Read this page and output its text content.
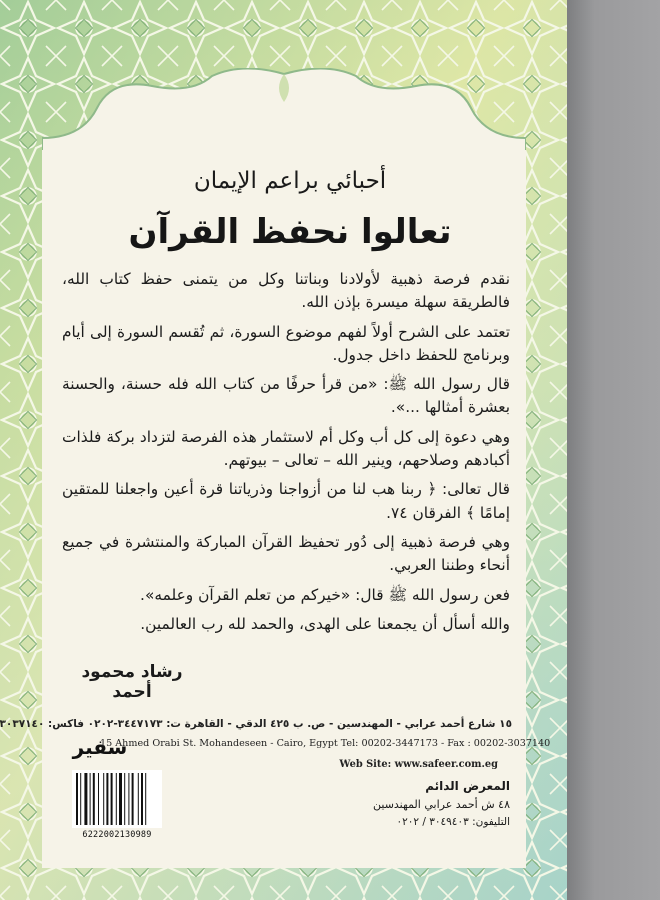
أحبائي براعم الإيمان
تعالوا نحفظ القرآن

نقدم فرصة ذهبية لأولادنا وبناتنا وكل من يتمنى حفظ كتاب الله، فالطريقة سهلة ميسرة بإذن الله.

تعتمد على الشرح أولاً لفهم موضوع السورة، ثم تُقسم السورة إلى أيام وبرنامج للحفظ داخل جدول.

قال رسول الله ﷺ: «من قرأ حرفًا من كتاب الله فله حسنة، والحسنة بعشرة أمثالها ...».

وهي دعوة إلى كل أب وكل أم لاستثمار هذه الفرصة لتزداد بركة فلذات أكبادهم وصلاحهم، وينير الله – تعالى – بيوتهم.

قال تعالى: ﴿ ربنا هب لنا من أزواجنا وذرياتنا قرة أعين واجعلنا للمتقين إمامًا ﴾ الفرقان ٧٤.

وهي فرصة ذهبية إلى دُور تحفيظ القرآن المباركة والمنتشرة في جميع أنحاء وطننا العربي.

فعن رسول الله ﷺ قال: «خيركم من تعلم القرآن وعلمه».

والله أسأل أن يجمعنا على الهدى، والحمد لله رب العالمين.

رشاد محمود أحمد
١٥ شارع أحمد عرابي - المهندسين - ص. ب ٤٢٥ الدقي - القاهرة ت: ٣٤٤٧١٧٣-٠٢٠٢ فاكس: ٣٠٣٧١٤٠
سفير
15 Ahmed Orabi St. Mohandeseen - Cairo, Egypt Tel: 00202-3447173 - Fax : 00202-3037140
Web Site: www.safeer.com.eg
المعرض الدائم
٤٨ ش أحمد عرابي المهندسين
التليفون: ٣٠٤٩٤٠٣ / ٠٢٠٢
6222002130989
